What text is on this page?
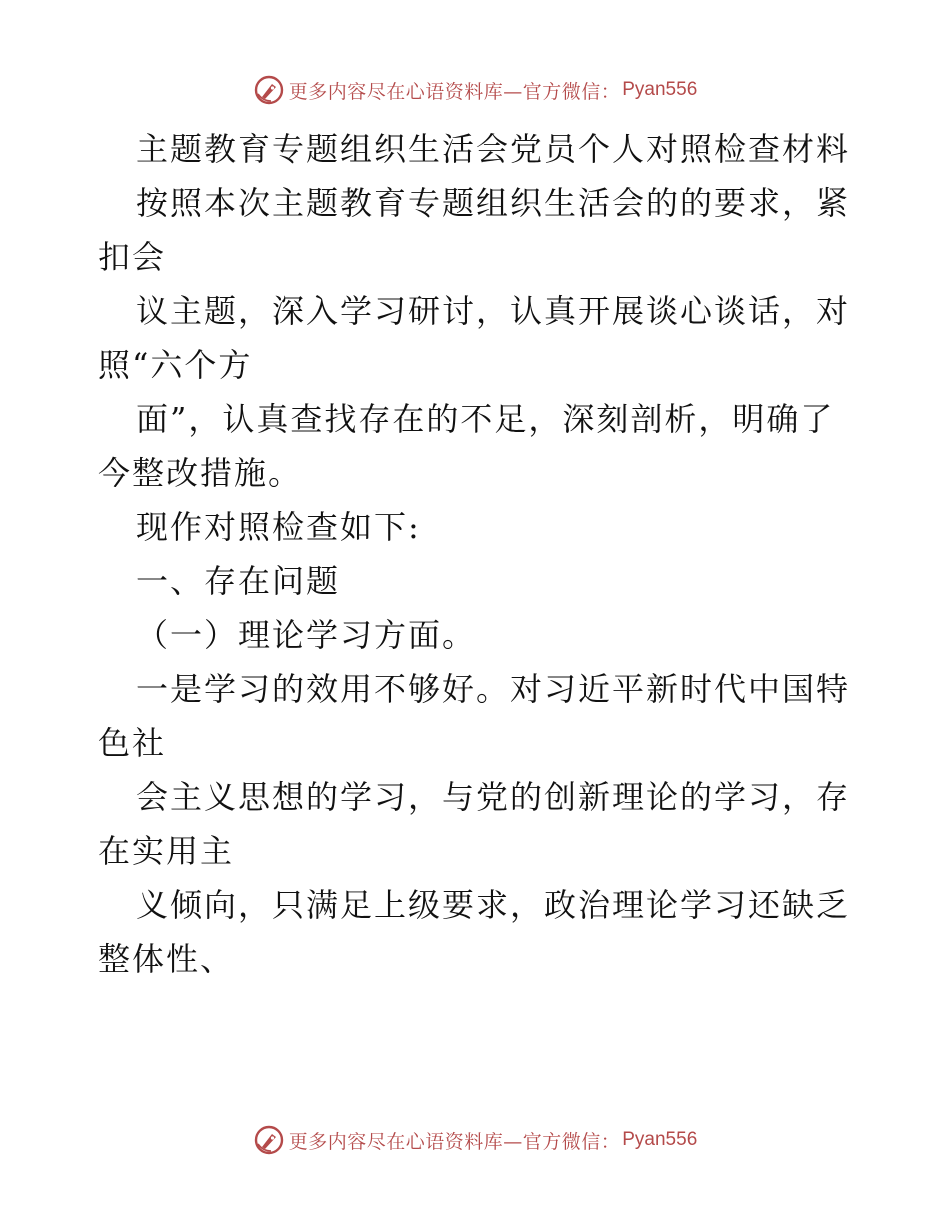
更多内容尽在心语资料库—官方微信： Pyan556
主题教育专题组织生活会党员个人对照检查材料
按照本次主题教育专题组织生活会的的要求，紧
扣会
议主题，深入学习研讨，认真开展谈心谈话，对
照“六个方
面”，认真查找存在的不足，深刻剖析，明确了
今整改措施。
现作对照检查如下:
一、存在问题
（一）理论学习方面。
一是学习的效用不够好。对习近平新时代中国特
色社
会主义思想的学习，与党的创新理论的学习，存
在实用主
义倾向，只满足上级要求，政治理论学习还缺乏
整体性、
更多内容尽在心语资料库—官方微信： Pyan556
